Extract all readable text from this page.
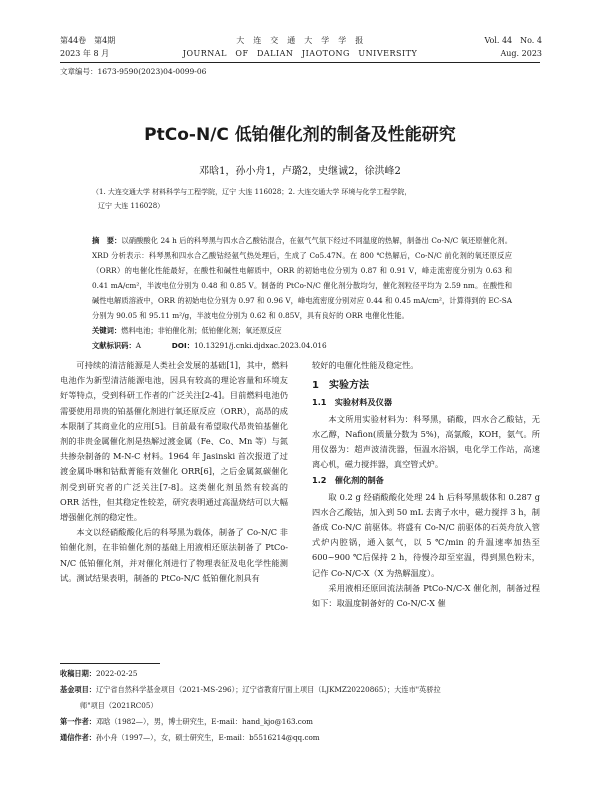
第44卷　第4期
2023 年 8 月
大　连　交　通　大　学　学　报
JOURNAL　OF　DALIAN　JIAOTONG　UNIVERSITY
Vol. 44　No. 4
Aug. 2023
文章编号：1673-9590(2023)04-0099-06
PtCo-N/C 低铂催化剂的制备及性能研究
邓晗1，孙小舟1，卢璐2，史继诚2，徐洪峰2
（1. 大连交通大学 材料科学与工程学院，辽宁 大连 116028；2. 大连交通大学 环境与化学工程学院，
辽宁 大连 116028）

摘　要：以硝酸酸化 24 h 后的科琴黑与四水合乙酸钴混合，在氨气气氛下经过不同温度的热解，制备出 Co-N/C 氧还原催化剂。XRD 分析表示：科琴黑和四水合乙酸钴经氨气热处理后，生成了 Co5.47N。在 800 ℃热解后，Co-N/C 前化剂的氧还原反应（ORR）的电催化性能最好，在酸性和碱性电解质中，ORR 的初始电位分别为 0.87 和 0.91 V，峰走流密度分别为 0.63 和 0.41 mA/cm²，半波电位分别为 0.48 和 0.85 V。制备的 PtCo-N/C 催化剂分散均匀，催化剂粒径平均为 2.59 nm。在酸性和碱性电解质溶液中，ORR 的初始电位分别为 0.97 和 0.96 V，峰电流密度分别对应 0.44 和 0.45 mA/cm²，计算得到的 EC-SA 分别为 90.05 和 95.11 m²/g，半波电位分别为 0.62 和 0.85V，具有良好的 ORR 电催化性能。

关键词：燃料电池；非铂催化剂；低铂催化剂；氧还原反应

文献标识码：A	DOI：10.13291/j.cnki.djdxac.2023.04.016

可持续的清洁能源是人类社会发展的基础[1]，其中，燃料电池作为新型清洁能源电池，因具有较高的理论容量和环境友好等特点，受到科研工作者的广泛关注[2-4]。目前燃料电池仍需要使用昂贵的铂基催化剂进行氧还原反应（ORR），高昂的成本限制了其商业化的应用[5]。目前最有希望取代昂贵铂基催化剂的非贵金属催化剂是热解过渡金属（Fe、Co、Mn 等）与氮共掺杂制备的 M-N-C 材料。1964 年 Jasinski 首次报道了过渡金属卟啉和钴酞菁能有效催化 ORR[6]，之后金属氮碳催化剂受到研究者的广泛关注[7-8]。这类催化剂虽然有较高的 ORR 活性，但其稳定性较差，研究表明通过高温烧结可以大幅增强催化剂的稳定性。

本文以经硝酸酸化后的科琴黑为载体，制备了 Co-N/C 非铂催化剂，在非铂催化剂的基础上用液相还原法制备了 PtCo-N/C 低铂催化剂，并对催化剂进行了物理表征及电化学性能测试。测试结果表明，制备的 PtCo-N/C 低铂催化剂具有

较好的电催化性能及稳定性。

1　实验方法
1.1　实验材料及仪器

本文所用实验材料为：科琴黑，硝酸，四水合乙酸钴，无水乙醇，Nafion(质量分数为 5%)，高氯酸，KOH，氨气。所用仪器为：超声波清洗器，恒温水浴锅，电化学工作站，高速离心机，磁力搅拌器，真空管式炉。

1.2　催化剂的制备

取 0.2 g 经硝酸酸化处理 24 h 后科琴黑载体和 0.287 g 四水合乙酸钴，加入到 50 mL 去离子水中，磁力搅拌 3 h，制备成 Co-N/C 前驱体。将盛有 Co-N/C 前驱体的石英舟放入管式炉内腔锅，通入氨气，以 5 ℃/min 的升温速率加热至 600~900 ℃后保持 2 h，待慢冷却至室温，得到黑色粉末，记作 Co-N/C-X（X 为热解温度）。

采用液相还原回流法制备 PtCo-N/C-X 催化剂，制备过程如下：取温度制备好的 Co-N/C-X 催

收稿日期：2022-02-25
基金项目：辽宁省自然科学基金项目（2021-MS-296）；辽宁省教育厅面上项目（LJKMZ20220865）；大连市"英骄拉
师"项目（2021RC05）
第一作者：邓晗（1982—），男，博士研究生，E-mail：hand_kjo@163.com
通信作者：孙小舟（1997—），女，硕士研究生，E-mail：b5516214@qq.com
